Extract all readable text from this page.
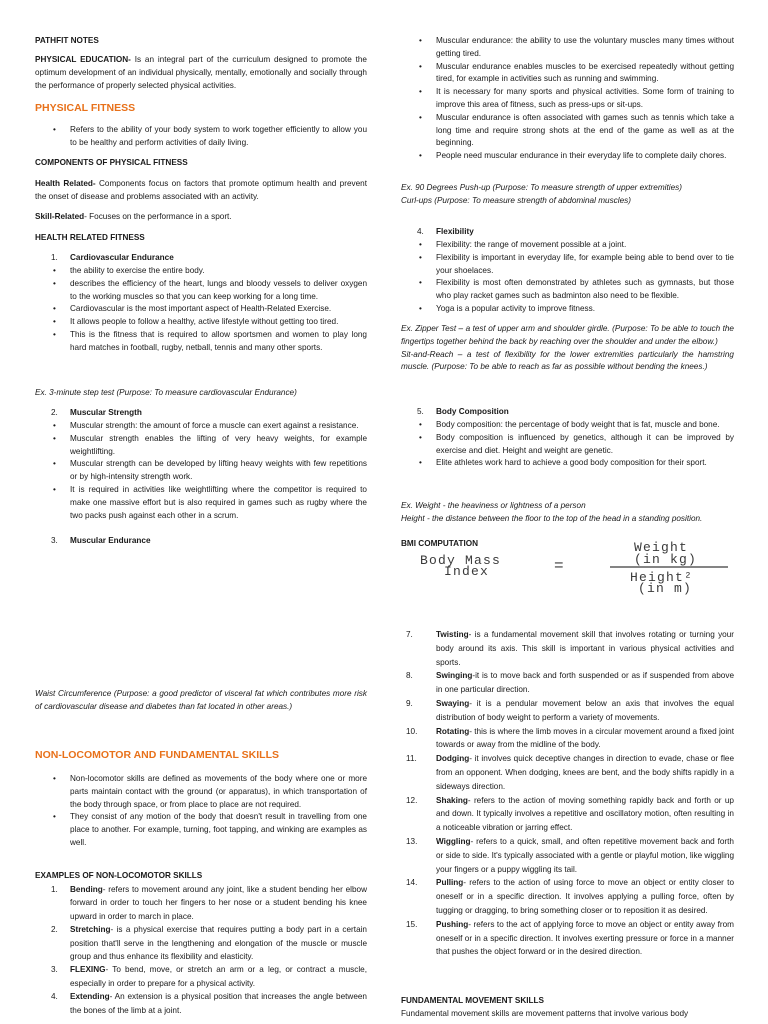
PATHFIT NOTES
PHYSICAL EDUCATION- Is an integral part of the curriculum designed to promote the optimum development of an individual physically, mentally, emotionally and socially through the performance of properly selected physical activities.
PHYSICAL FITNESS
• Refers to the ability of your body system to work together efficiently to allow you to be healthy and perform activities of daily living.
COMPONENTS OF PHYSICAL FITNESS
Health Related- Components focus on factors that promote optimum health and prevent the onset of disease and problems associated with an activity.
Skill-Related- Focuses on the performance in a sport.
HEALTH RELATED FITNESS
1. Cardiovascular Endurance
• the ability to exercise the entire body.
• describes the efficiency of the heart, lungs and bloody vessels to deliver oxygen to the working muscles so that you can keep working for a long time.
• Cardiovascular is the most important aspect of Health-Related Exercise.
• It allows people to follow a healthy, active lifestyle without getting too tired.
• This is the fitness that is required to allow sportsmen and women to play long hard matches in football, rugby, netball, tennis and many other sports.
Ex. 3-minute step test (Purpose: To measure cardiovascular Endurance)
2. Muscular Strength
• Muscular strength: the amount of force a muscle can exert against a resistance.
• Muscular strength enables the lifting of very heavy weights, for example weightlifting.
• Muscular strength can be developed by lifting heavy weights with few repetitions or by high-intensity strength work.
• It is required in activities like weightlifting where the competitor is required to make one massive effort but is also required in games such as rugby where the two packs push against each other in a scrum.
3. Muscular Endurance
Waist Circumference (Purpose: a good predictor of visceral fat which contributes more risk of cardiovascular disease and diabetes than fat located in other areas.)
NON-LOCOMOTOR AND FUNDAMENTAL SKILLS
• Non-locomotor skills are defined as movements of the body where one or more parts maintain contact with the ground (or apparatus), in which transportation of the body through space, or from place to place are not required.
• They consist of any motion of the body that doesn't result in travelling from one place to another. For example, turning, foot tapping, and winking are examples as well.
EXAMPLES OF NON-LOCOMOTOR SKILLS
1. Bending- refers to movement around any joint, like a student bending her elbow forward in order to touch her fingers to her nose or a student bending his knee upward in order to march in place.
2. Stretching- is a physical exercise that requires putting a body part in a certain position that'll serve in the lengthening and elongation of the muscle or muscle group and thus enhance its flexibility and elasticity.
3. FLEXING- To bend, move, or stretch an arm or a leg, or contract a muscle, especially in order to prepare for a physical activity.
4. Extending- An extension is a physical position that increases the angle between the bones of the limb at a joint.
• Muscular endurance: the ability to use the voluntary muscles many times without getting tired.
• Muscular endurance enables muscles to be exercised repeatedly without getting tired, for example in activities such as running and swimming.
• It is necessary for many sports and physical activities. Some form of training to improve this area of fitness, such as press-ups or sit-ups.
• Muscular endurance is often associated with games such as tennis which take a long time and require strong shots at the end of the game as well as at the beginning.
• People need muscular endurance in their everyday life to complete daily chores.
Ex. 90 Degrees Push-up (Purpose: To measure strength of upper extremities)
Curl-ups (Purpose: To measure strength of abdominal muscles)
4. Flexibility
• Flexibility: the range of movement possible at a joint.
• Flexibility is important in everyday life, for example being able to bend over to tie your shoelaces.
• Flexibility is most often demonstrated by athletes such as gymnasts, but those who play racket games such as badminton also need to be flexible.
• Yoga is a popular activity to improve fitness.
Ex. Zipper Test – a test of upper arm and shoulder girdle. (Purpose: To be able to touch the fingertips together behind the back by reaching over the shoulder and under the elbow.)
Sit-and-Reach – a test of flexibility for the lower extremities particularly the hamstring muscle. (Purpose: To be able to reach as far as possible without bending the knees.)
5. Body Composition
• Body composition: the percentage of body weight that is fat, muscle and bone.
• Body composition is influenced by genetics, although it can be improved by exercise and diet. Height and weight are genetic.
• Elite athletes work hard to achieve a good body composition for their sport.
Ex. Weight - the heaviness or lightness of a person
Height - the distance between the floor to the top of the head in a standing position.
BMI COMPUTATION
Body Mass
Index	=
Weight
(in kg)
Height²
(in m)
7.	Twisting- is a fundamental movement skill that involves rotating or turning your body around its axis. This skill is important in various physical activities and sports.
8.	Swinging-it is to move back and forth suspended or as if suspended from above in one particular direction.
9.	Swaying- it is a pendular movement below an axis that involves the equal distribution of body weight to perform a variety of movements.
10. Rotating- this is where the limb moves in a circular movement around a fixed joint towards or away from the midline of the body.
11. Dodging- it involves quick deceptive changes in direction to evade, chase or flee from an opponent. When dodging, knees are bent, and the body shifts rapidly in a sideways direction.
12. Shaking- refers to the action of moving something rapidly back and forth or up and down. It typically involves a repetitive and oscillatory motion, often resulting in a noticeable vibration or jarring effect.
13. Wiggling- refers to a quick, small, and often repetitive movement back and forth or side to side. It's typically associated with a gentle or playful motion, like wiggling your fingers or a puppy wiggling its tail.
14. Pulling- refers to the action of using force to move an object or entity closer to oneself or in a specific direction. It involves applying a pulling force, often by tugging or dragging, to bring something closer or to reposition it as desired.
15. Pushing- refers to the act of applying force to move an object or entity away from oneself or in a specific direction. It involves exerting pressure or force in a manner that pushes the object forward or in the desired direction.
FUNDAMENTAL MOVEMENT SKILLS
Fundamental movement skills are movement patterns that involve various body
